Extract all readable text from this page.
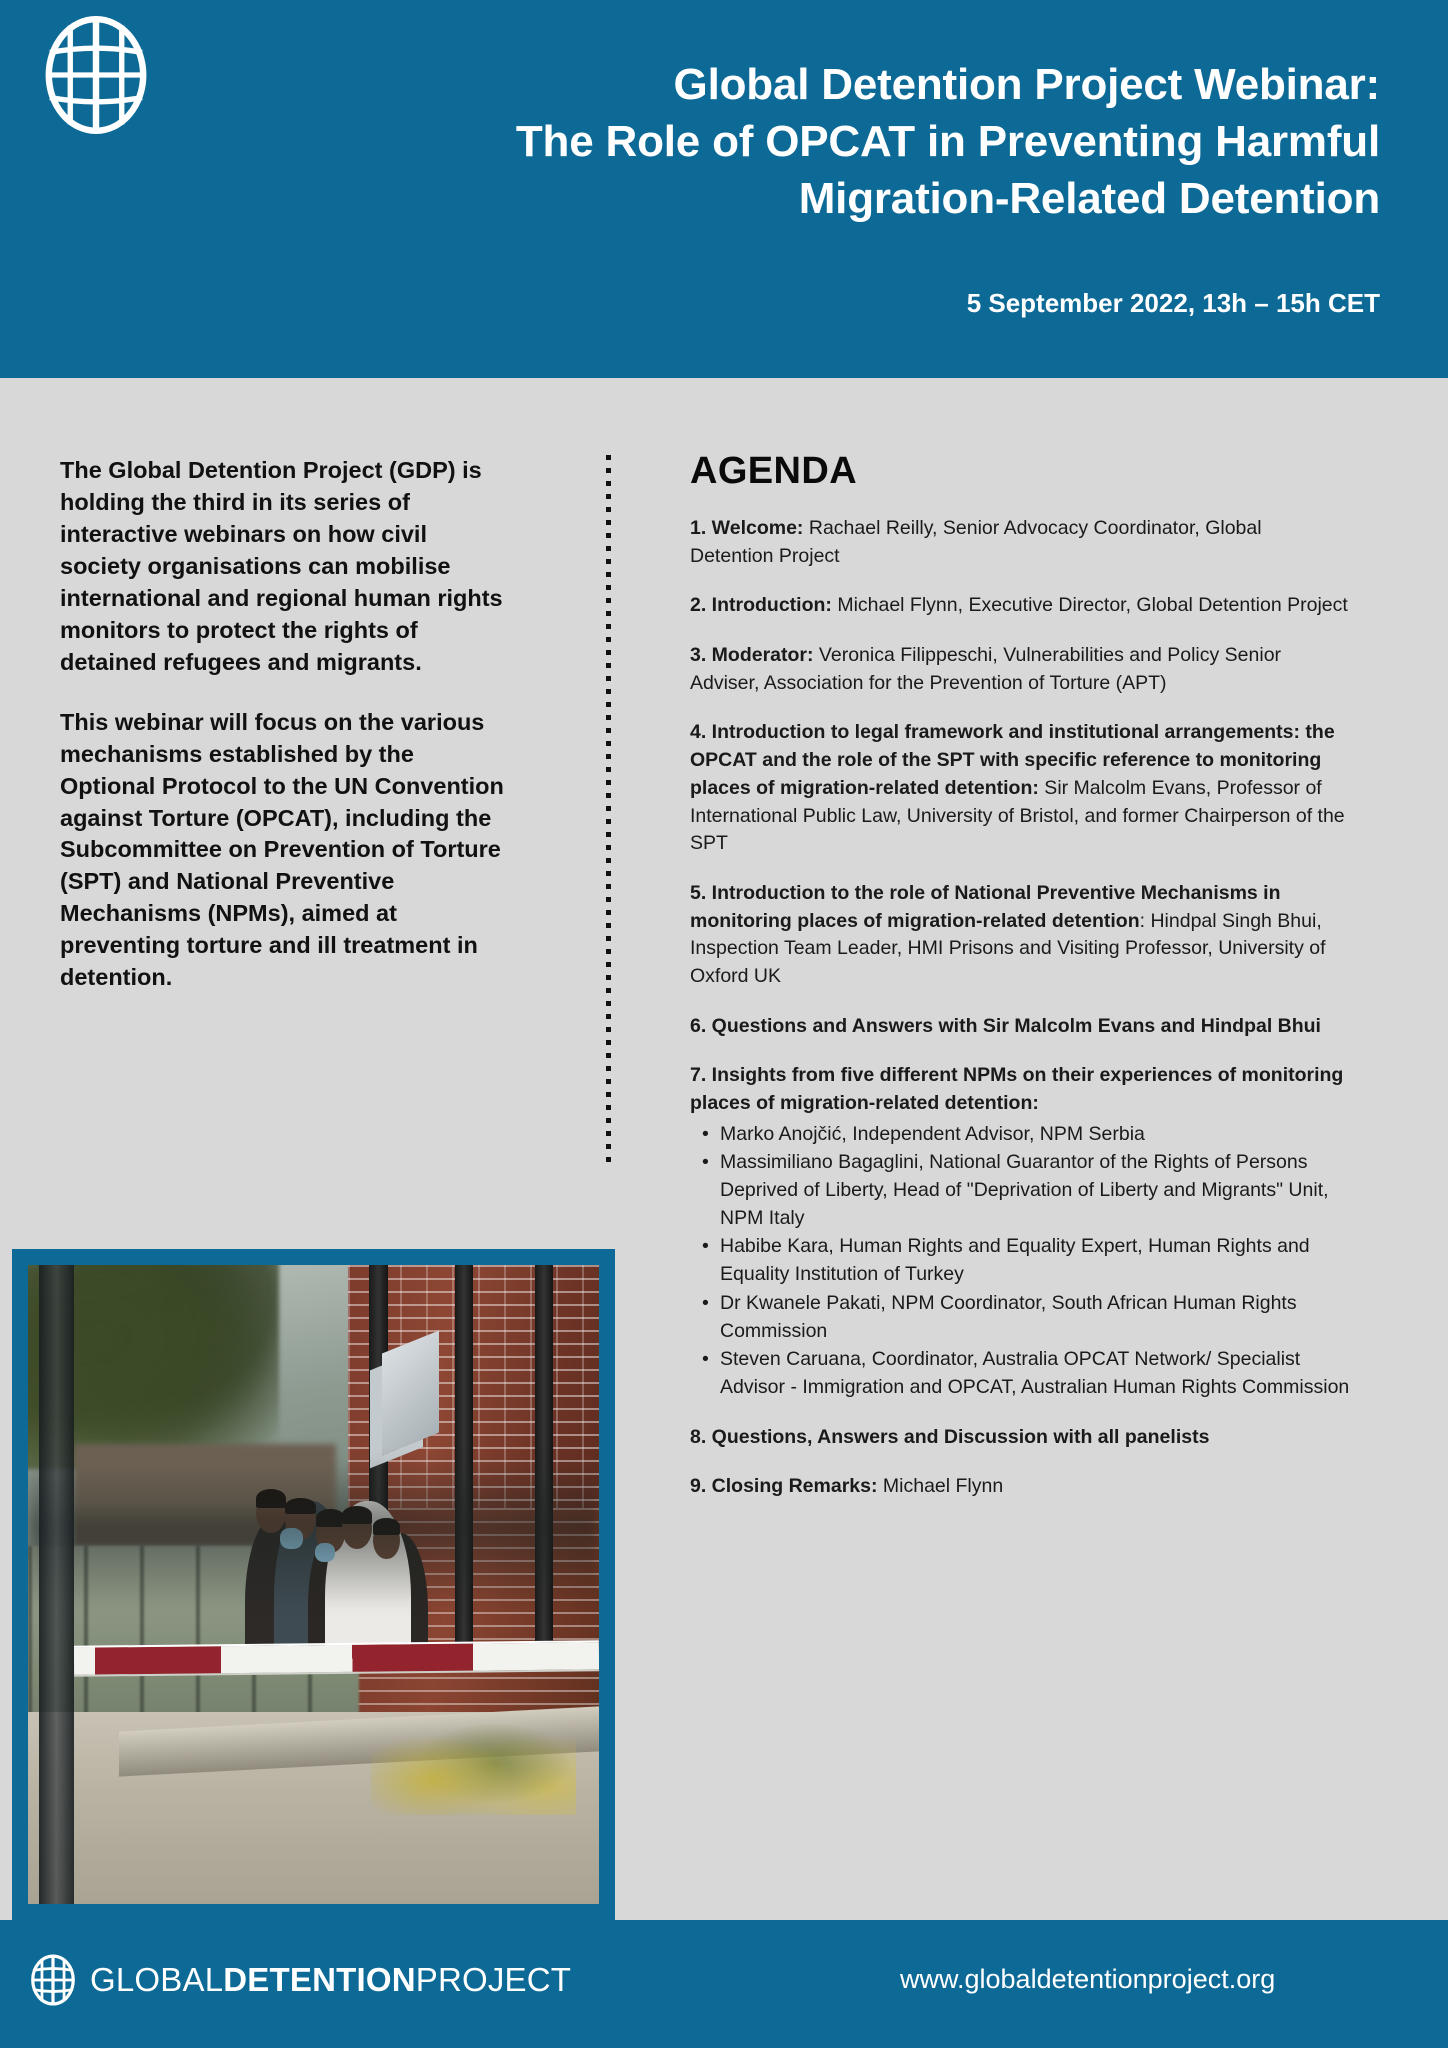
Global Detention Project Webinar:
The Role of OPCAT in Preventing Harmful
Migration-Related Detention
5 September 2022, 13h – 15h CET

The Global Detention Project (GDP) is holding the third in its series of interactive webinars on how civil society organisations can mobilise international and regional human rights monitors to protect the rights of detained refugees and migrants.

This webinar will focus on the various mechanisms established by the Optional Protocol to the UN Convention against Torture (OPCAT), including the Subcommittee on Prevention of Torture (SPT) and National Preventive Mechanisms (NPMs), aimed at preventing torture and ill treatment in detention.

AGENDA
1. Welcome: Rachael Reilly, Senior Advocacy Coordinator, Global Detention Project
2. Introduction: Michael Flynn, Executive Director, Global Detention Project
3. Moderator: Veronica Filippeschi, Vulnerabilities and Policy Senior Adviser, Association for the Prevention of Torture (APT)
4. Introduction to legal framework and institutional arrangements: the OPCAT and the role of the SPT with specific reference to monitoring places of migration-related detention: Sir Malcolm Evans, Professor of International Public Law, University of Bristol, and former Chairperson of the SPT
5. Introduction to the role of National Preventive Mechanisms in monitoring places of migration-related detention: Hindpal Singh Bhui, Inspection Team Leader, HMI Prisons and Visiting Professor, University of Oxford UK
6. Questions and Answers with Sir Malcolm Evans and Hindpal Bhui
7. Insights from five different NPMs on their experiences of monitoring places of migration-related detention:
• Marko Anojčić, Independent Advisor, NPM Serbia
• Massimiliano Bagaglini, National Guarantor of the Rights of Persons Deprived of Liberty, Head of "Deprivation of Liberty and Migrants" Unit, NPM Italy
• Habibe Kara, Human Rights and Equality Expert, Human Rights and Equality Institution of Turkey
• Dr Kwanele Pakati, NPM Coordinator, South African Human Rights Commission
• Steven Caruana, Coordinator, Australia OPCAT Network/ Specialist Advisor - Immigration and OPCAT, Australian Human Rights Commission
8. Questions, Answers and Discussion with all panelists
9. Closing Remarks: Michael Flynn
GLOBALDETENTIONPROJECT	www.globaldetentionproject.org
